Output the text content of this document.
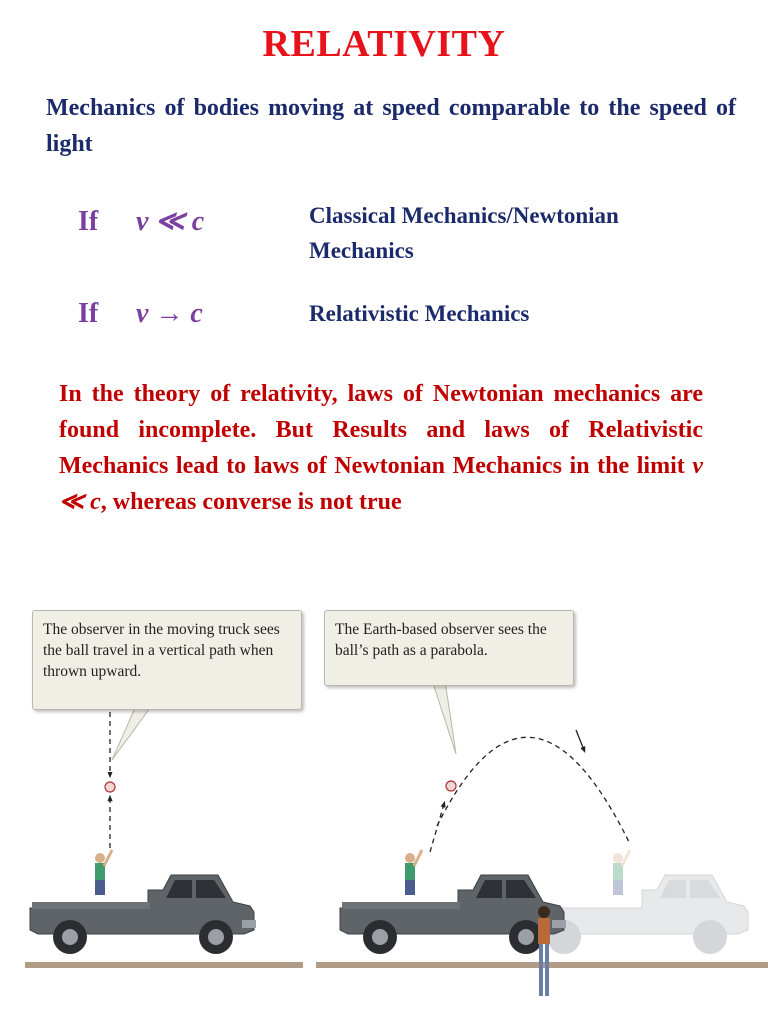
RELATIVITY
Mechanics of bodies moving at speed comparable to the speed of light
If v ≪ c	Classical Mechanics/Newtonian Mechanics
If v → c	Relativistic Mechanics
In the theory of relativity, laws of Newtonian mechanics are found incomplete. But Results and laws of Relativistic Mechanics lead to laws of Newtonian Mechanics in the limit v ≪ c, whereas converse is not true
The observer in the moving truck sees the ball travel in a vertical path when thrown upward.
The Earth-based observer sees the ball’s path as a parabola.
